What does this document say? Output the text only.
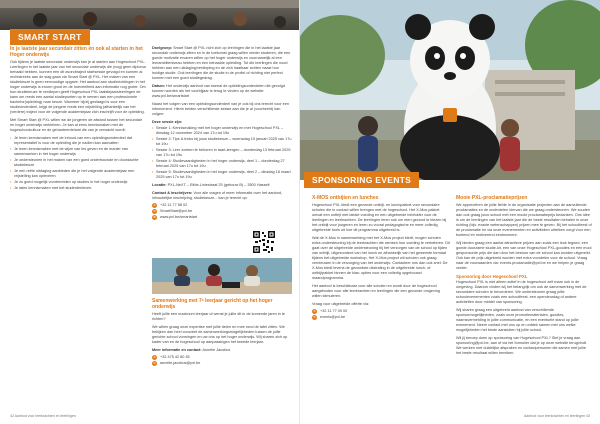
SMART START
In je laatste jaar secundair zitten én ook al starten in het Hoger onderwijs

Ook tijdens je laatste secundair onderwijs kan je al starten aan Hogeschool PXL. Leerlingen in het laatste jaar van het secundair onderwijs die (nog) geen diploma behaald hebben, kunnen een dit avondtraject startsessie gevolgd en kunnen al rechtstreeks aan de slag gaan via Smart Start @ PXL. Het maken van een studiekeuze is geen eenvoudige opgave. Het aanbod aan studierichtingen in het hoger onderwijs is enorm groot en de hoeveelheid aan informatie nog groter. Om hun studiekeuze te verdiepen geeft Hogeschool PXL laatstejaarsleerlingen de kans om reeds een aantal studiepunten op te nemen aan een professionele bachelor(opleiding) naar keuze. Wanneer hij/zij geslaagd is voor een studieonderdeel, krijgt de jongere reeds een vrijstelling (afhankelijk van het (verdere) traject voor de volgende academiejaar zich inschrijft voor de opleiding.

Met Smart Start @ PXL willen we de jongeren de afstand tussen het secundair en hoger onderwijs verkleinen. Je kan al eens kennismaken met de hogeschoolcultuur en de gehanteerde/wat die van je verwacht wordt:

• Je leren kennismaken met de inhoud van een opleidingsonderdeel dat representatief is voor de opleiding die je nadien kan aanvatten
• Je leren kennismaken met de wijze van les geven en de manier van samenwerken in het hoger onderwijs
• Je ondersteunen in het maken van een goed onderbouwde en doordachte studiekeuze
• Je een reële uitdaging aanbieden die je het volgende academiejaar een vrijstelling kan opleveren
• Je zo goed mogelijk voorbereiden op studies in het hoger onderwijs
• Je laten kennismaken met het studentenleven.

Doelgroep: Smart Start @ PXL richt zich op leerlingen die in het laatste jaar secundair onderwijs zitten en in de toekomst graag willen verder studeren, die een goede motivatie ervaren willen op het hoger onderwijs en voornamelijk al een leerambitieniveau hebben en een behaalde opleiding. Tot die leerlingen die nood hebben aan een uitdaging/verdieping en de zich haalbaar achten naast hun huidige studie. Ook leerlingen die de studie in de profiel of richting niet perfect kunnen met een goed studiegedrag.

Datum: Het onderwijs aanbod van tweeal de opleidingsonderdelen die gevolgd kunnen worden als het voorbijjaar is terug te vinden op de website: www.pxl.be/smartstart

Naast het volgen van een opleidingsonderdeel van je ook bij ons terecht voor een infomoment. Hierin beiden verschillende sessie aan die je al (voorbeeld) kan volgen:

Deze sessie zijn:

• Sessie 1: Kennismaking met het hoger onderwijs en met Hogeschool PXL – dinsdag 12 november 2024 van 17u tot 19u
• Sessie 2: Tips & tricks bij jouw studiekeuze – woensdag 15 januari 2025 van 17u tot 19u
• Sessie 3: Leer zoeken te behoren in taart-leergen – donderdag 13 februari 2025 van 17u tot 19u
• Sessie 4: Studievaardigheden in het hoger onderwijs, deel 1 – donderdag 27 februari 2025 van 17u tot 19u
• Sessie 5: Studievaardigheden in het hoger onderwijs, deel 2 – dinsdag 18 maart 2025 van 17u tot 19u

Locatie: PXL-NeXT – Elfde-Liniestraat 25 (gebouw B) – 3500 Hasselt

Contact & inschrijven: Voor alle vragen of meer informatie over het aanbod, inhoudelijke inschrijving, studiekeuze... kan je terecht op:

✆	+32 11 77 58 02
✉	SmartStart@pxl.be
⌘ www.pxl.be/smartstart
Samenwerking met 7ᵉ leerjaar gericht op het hoger onderwijs

Heeft jullie een maximum leerjaar of wenst je jullie dit in de komende jaren in te richten?

We willen graag onze expertise met jullie delen en mee rond de tafel zitten. We bekijken dan heel concreet de samenwerkingsmogelijkheden tussen de jullie gerichte school vormingen en uw ons op het hoger onderwijs. Wij sharen zich op kader van en de hogeschool op aanpassingen het tweede leerjaar.

Meer informatie en contact: Annelie Jacobus

✆	+32 475 42 80 45
✉	annelie.jacobus@pxl.be
42 Aanbod voor leerkrachten en leerlingen
SPONSORING EVENTS
X-MOS ontbijten en lunches

Hogeschool PXL biedt een gezonde ontbijt- en lunchpakket voor secundaire scholen die in contact willen brengen met de hogeschool. Het X-Mos pakket omvat een ontbijt met ideale voeding en een uitgebreide infofolder voor de leerlingen en leerkrachten. De leerlingen leren ook om eten gezond te kiezen bij het ontbijt voor jongeren en leren zo vooral pedagogische en meer volledig uitgebreide tools uit hoe dit programma uitgebreid is.

Wat de X-Mos in samenwerking met het X-Mos project biedt, mogen scholen extra ondersteuning bij de leerkrachten die wensen hun voeding te verbeteren. Dit gaat over de uitgebreide ondersteuning bij het verzorgen van de school op tijden van ontbijt, uitgezonderd van het lunch en afhankelijk van het gewenste formaat tijdens het uitgebreide workshop. Het X-Mos project wil scholen ook graag vernieuwen in de verzorging van het onderwijs. Contacteer ons dan ook snel: De X-Mos biedt tevens de gezondste uitstraling in de uitgebreide lunch- of ontbijtpakket binnen de klas: opties voor een volledig opgebouwd maandprogramma.

Het aanbod is beschikbaar voor alle scholen en wordt door de hogeschool aangeboden voor alle leerkrachten en leerlingen die een gezonde omgeving willen stimuleren.

Vraag voor uitgebreide offerte via:

✆	+32 11 77 00 00
✉	events@pxl.be
Mooie PXL-proclamatieprijzen

We appreciëren de jullie liefde in de organisatie projecten aan de aanvullende proclamaties en de onderdelen hiervan die we graag ondersteunen. We zouden dan ook graag jouw school met een mooie proclamatieprijs bedanken. Ons idee is om de leerlingen van het laatste jaar die de beste resultaten behalen in onze richting (bijv. exacte wetenschappen) prijzen mee te geven. Bij het schoolfeest of de proclamatie en via onze evenementen en activiteiten uitreiken zorgt voor een boeiend en motiverend eindmoment.

Wij bieden graag een aantal attractieve prijzen aan zoals een leuk tegoed, een goede duurzame studie-kit, een van onze Hogeschool PXL-goodies en een mooi gesponsorde prijs die dan door het bestuur van de school kan worden uitgereikt. Ook kan de prijs uitgebreid worden met extra voordelen voor de school. Vraag naar de voorwaarden via: events.proclamatie@pxl.be en we helpen je graag verder.

Sponsoring door Hogeschool PXL

Hogeschool PXL is niet alleen actief in de hogeschool zelf maar ook in de omgeving. Daarom vinden wij het belangrijk om ook de samenwerking met de secundaire scholen te bevorderen. We ondersteunen graag jullie schoolevenementen zoals een schoolfeest, een opendeurdag of andere activiteiten door middel van sponsoring.

Wij sharen graag een uitgebreid aanbod van verschillende sponsormogelijkheden, zoals onze promotiematerialen, goodies, naamsvermelding in jullie communicatie, en een eventuele stand op jullie evenement. Neem contact met ons op en ontdek samen met ons welke mogelijkheden het beste aansluiten bij jullie school.

Wil jij beroep doen op sponsoring van Hogeschool PXL? Stel je vraag aan sponsoring@pxl.be, aan of via het formulier dat je op onze website terugvindt. We werken met duidelijke afspraken en contactpersonen die samen met jullie het beste resultaat willen bereiken.

Aanbod voor leerkrachten en leerlingen 43
